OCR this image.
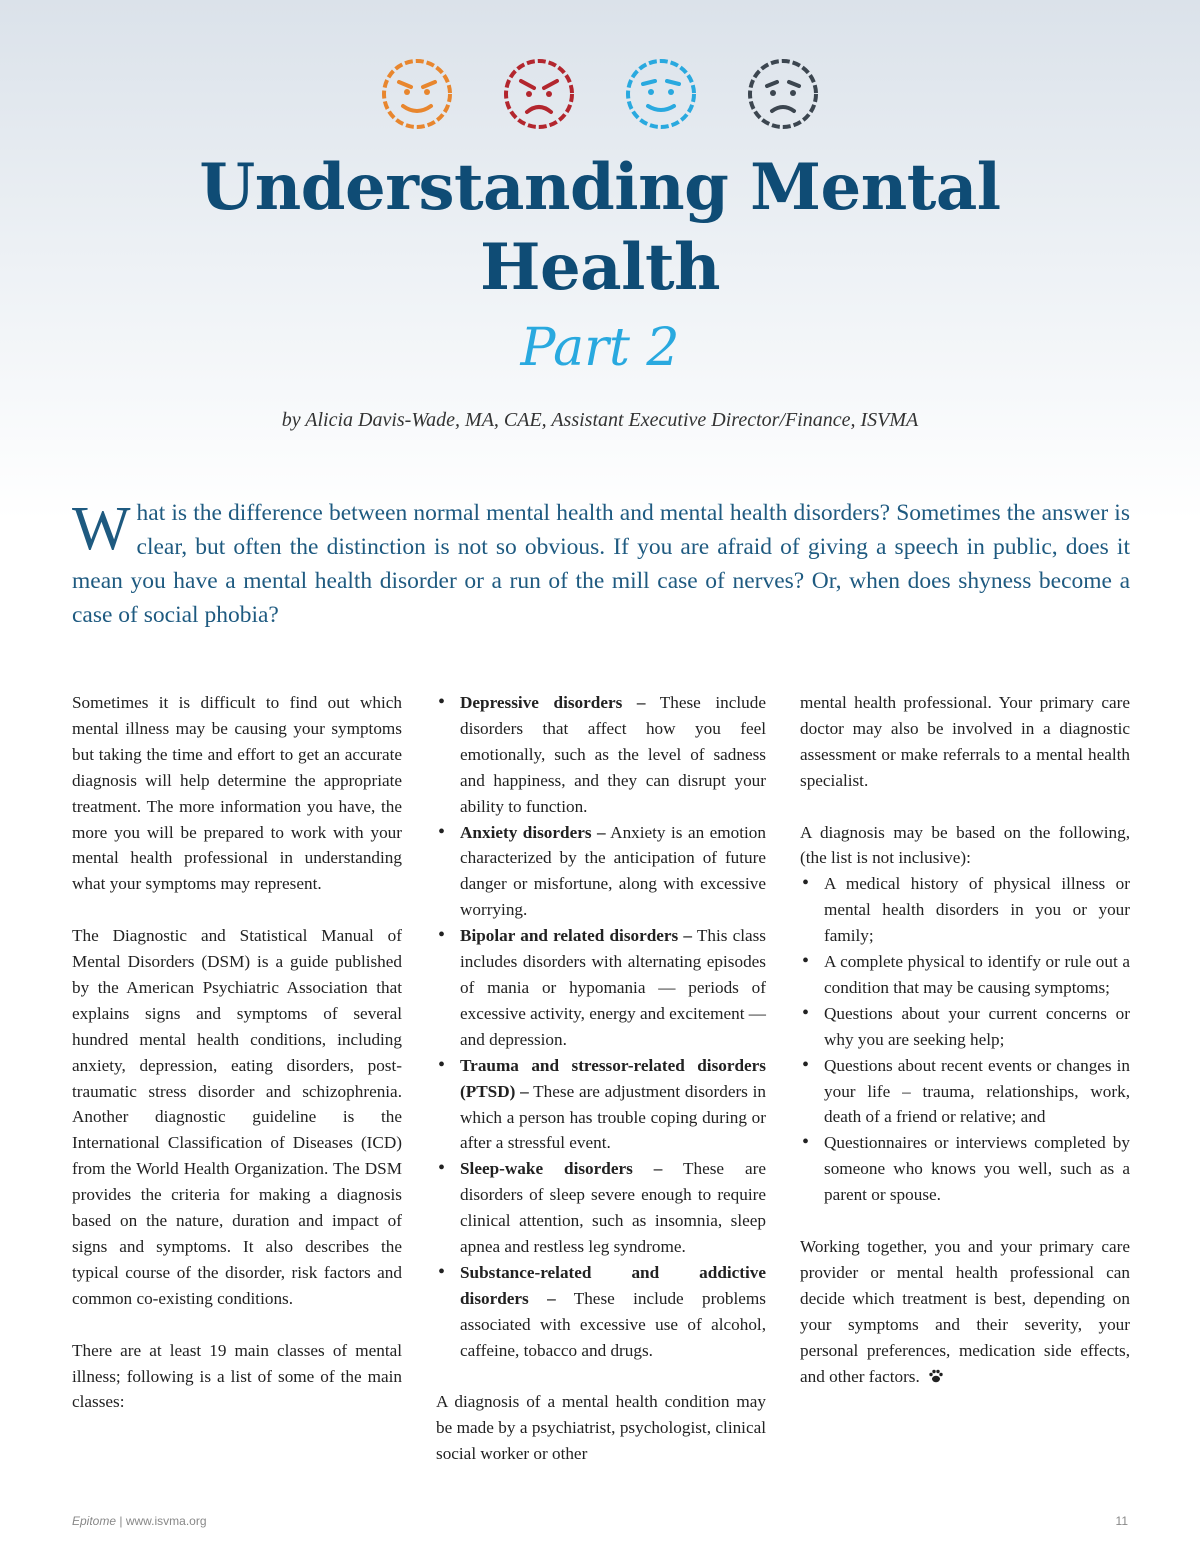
Understanding Mental Health
Part 2
by Alicia Davis-Wade, MA, CAE, Assistant Executive Director/Finance, ISVMA
What is the difference between normal mental health and mental health disorders? Sometimes the answer is clear, but often the distinction is not so obvious. If you are afraid of giving a speech in public, does it mean you have a mental health disorder or a run of the mill case of nerves? Or, when does shyness become a case of social phobia?

Sometimes it is difficult to find out which mental illness may be causing your symptoms but taking the time and effort to get an accurate diagnosis will help determine the appropriate treatment. The more information you have, the more you will be prepared to work with your mental health professional in understanding what your symptoms may represent.

The Diagnostic and Statistical Manual of Mental Disorders (DSM) is a guide published by the American Psychiatric Association that explains signs and symptoms of several hundred mental health conditions, including anxiety, depression, eating disorders, post-traumatic stress disorder and schizophrenia. Another diagnostic guideline is the International Classification of Diseases (ICD) from the World Health Organization. The DSM provides the criteria for making a diagnosis based on the nature, duration and impact of signs and symptoms. It also describes the typical course of the disorder, risk factors and common co-existing conditions.

There are at least 19 main classes of mental illness; following is a list of some of the main classes:

• Depressive disorders – These include disorders that affect how you feel emotionally, such as the level of sadness and happiness, and they can disrupt your ability to function.
• Anxiety disorders – Anxiety is an emotion characterized by the anticipation of future danger or misfortune, along with excessive worrying.
• Bipolar and related disorders – This class includes disorders with alternating episodes of mania or hypomania — periods of excessive activity, energy and excitement — and depression.
• Trauma and stressor-related disorders (PTSD) – These are adjustment disorders in which a person has trouble coping during or after a stressful event.
• Sleep-wake disorders – These are disorders of sleep severe enough to require clinical attention, such as insomnia, sleep apnea and restless leg syndrome.
• Substance-related and addictive disorders – These include problems associated with excessive use of alcohol, caffeine, tobacco and drugs.

A diagnosis of a mental health condition may be made by a psychiatrist, psychologist, clinical social worker or other

mental health professional. Your primary care doctor may also be involved in a diagnostic assessment or make referrals to a mental health specialist.

A diagnosis may be based on the following, (the list is not inclusive):

• A medical history of physical illness or mental health disorders in you or your family;
• A complete physical to identify or rule out a condition that may be causing symptoms;
• Questions about your current concerns or why you are seeking help;
• Questions about recent events or changes in your life – trauma, relationships, work, death of a friend or relative; and
• Questionnaires or interviews completed by someone who knows you well, such as a parent or spouse.

Working together, you and your primary care provider or mental health professional can decide which treatment is best, depending on your symptoms and their severity, your personal preferences, medication side effects, and other factors.

Epitome | www.isvma.org	11
